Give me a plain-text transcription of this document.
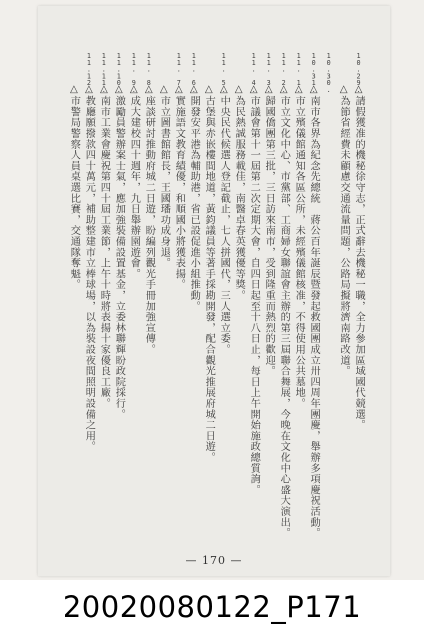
10.29.
△請假獲准的機秘徐守志，正式辭去機秘一職，全力參加區域國代競選。
△為節省經費未顧慮交通流量問題，公路局擬將濟南路改道。
10.30.
10.31.
△南市各界為紀念先總統　蔣公百年誕辰暨發起救國團成立卅四周年團慶，舉辦多項慶祝活動。
11. 1.
△市立殯儀館通知各區公所，未經殯儀館核准，不得使用公共墓地。
11. 2.
△市立文化中心、市黨部、工商婦女聯誼會主辦的第三屆聯合舞展，今晚在文化中心盛大演出。
11. 3.
△歸國僑團第三批，三日訪來南市，受到隆重而熱烈的歡迎。
11. 4.
△市議會第十一屆第二次定期大會，自四日起至十八日止，每日上午開始施政總質詢。
△為民熱誠服務載佳，南醫卓春英獲優等獎。
11. 5.
△中央民代候選人登記截止，七人拼國代，三人選立委。
△古堡與赤嵌樓間地道，黃鈞議員等著手採勘開發，配合觀光推展府城二日遊。
11. 6.
△開發安平港為輔助港，省已設促進小組推動。
11. 7.
△實施語文教育績優，和順國小將獲表揚。
△市立圖書館館長，王國璠功成身退。
11. 8.
△座談研討推動府城二日遊，盼編列觀光手冊加強宣傳。
11. 9.
△成大建校四十週年，九日舉辦園遊會。
11.10.
△激勵員警辦案士氣，應加強裝備設置基金，立委林聯輝盼政院採行。
11.11.
△南市工業會慶祝第四十屆工業節，上午十時將表揚十家優良工廠。
11.12.
△教廳願撥款四十萬元，補助整建市立棒球場，以為裝設夜間照明設備之用。
△市警局警察人員桌選比賽，交通隊奪魁。
— 170 —
20020080122_P171
